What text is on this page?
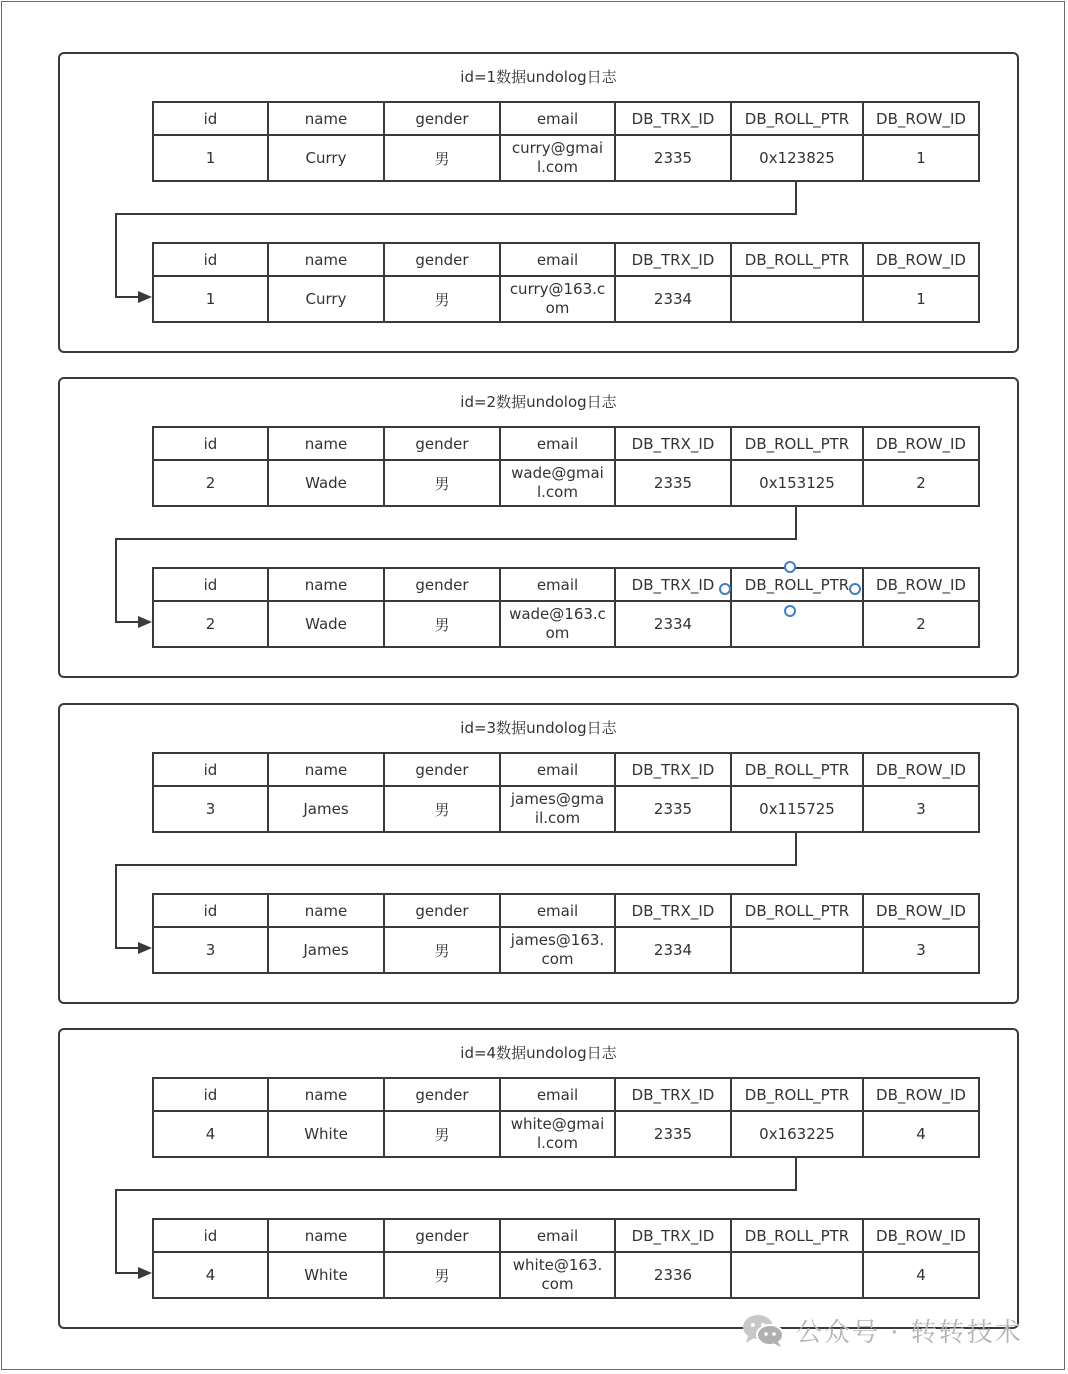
id=1数据undolog日志
id	name	gender	email	DB_TRX_ID	DB_ROLL_PTR	DB_ROW_ID
1	Curry	男	curry@gmail.com	2335	0x123825	1
id	name	gender	email	DB_TRX_ID	DB_ROLL_PTR	DB_ROW_ID
1	Curry	男	curry@163.com	2334		1
id=2数据undolog日志
id	name	gender	email	DB_TRX_ID	DB_ROLL_PTR	DB_ROW_ID
2	Wade	男	wade@gmail.com	2335	0x153125	2
id	name	gender	email	DB_TRX_ID	DB_ROLL_PTR	DB_ROW_ID
2	Wade	男	wade@163.com	2334		2
id=3数据undolog日志
id	name	gender	email	DB_TRX_ID	DB_ROLL_PTR	DB_ROW_ID
3	James	男	james@gmail.com	2335	0x115725	3
id	name	gender	email	DB_TRX_ID	DB_ROLL_PTR	DB_ROW_ID
3	James	男	james@163.com	2334		3
id=4数据undolog日志
id	name	gender	email	DB_TRX_ID	DB_ROLL_PTR	DB_ROW_ID
4	White	男	white@gmail.com	2335	0x163225	4
id	name	gender	email	DB_TRX_ID	DB_ROLL_PTR	DB_ROW_ID
4	White	男	white@163.com	2336		4
公众号 · 转转技术
